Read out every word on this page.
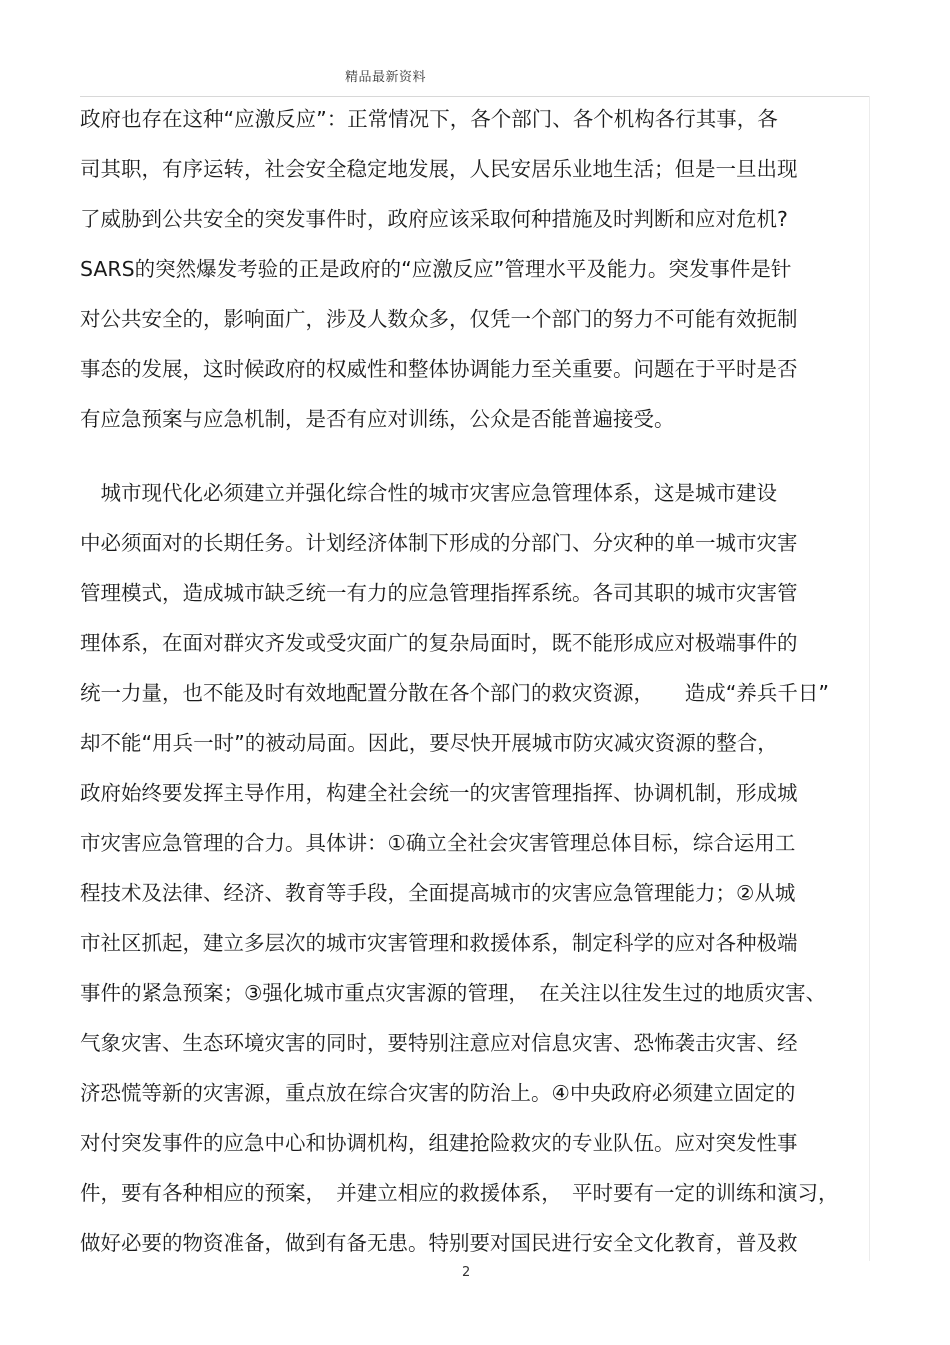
精品最新资料
政府也存在这种“应激反应”：正常情况下，各个部门、各个机构各行其事，各
司其职，有序运转，社会安全稳定地发展，人民安居乐业地生活；但是一旦出现
了威胁到公共安全的突发事件时，政府应该采取何种措施及时判断和应对危机?
SARS的突然爆发考验的正是政府的“应激反应”管理水平及能力。突发事件是针
对公共安全的，影响面广，涉及人数众多，仅凭一个部门的努力不可能有效扼制
事态的发展，这时候政府的权威性和整体协调能力至关重要。问题在于平时是否
有应急预案与应急机制，是否有应对训练，公众是否能普遍接受。
　城市现代化必须建立并强化综合性的城市灾害应急管理体系，这是城市建设
中必须面对的长期任务。计划经济体制下形成的分部门、分灾种的单一城市灾害
管理模式，造成城市缺乏统一有力的应急管理指挥系统。各司其职的城市灾害管
理体系，在面对群灾齐发或受灾面广的复杂局面时，既不能形成应对极端事件的
统一力量，也不能及时有效地配置分散在各个部门的救灾资源，　　造成“养兵千日”
却不能“用兵一时”的被动局面。因此，要尽快开展城市防灾减灾资源的整合，
政府始终要发挥主导作用，构建全社会统一的灾害管理指挥、协调机制，形成城
市灾害应急管理的合力。具体讲：①确立全社会灾害管理总体目标，综合运用工
程技术及法律、经济、教育等手段，全面提高城市的灾害应急管理能力；②从城
市社区抓起，建立多层次的城市灾害管理和救援体系，制定科学的应对各种极端
事件的紧急预案；③强化城市重点灾害源的管理，　在关注以往发生过的地质灾害、
气象灾害、生态环境灾害的同时，要特别注意应对信息灾害、恐怖袭击灾害、经
济恐慌等新的灾害源，重点放在综合灾害的防治上。④中央政府必须建立固定的
对付突发事件的应急中心和协调机构，组建抢险救灾的专业队伍。应对突发性事
件，要有各种相应的预案，　并建立相应的救援体系，　平时要有一定的训练和演习，
做好必要的物资准备，做到有备无患。特别要对国民进行安全文化教育，普及救
2
